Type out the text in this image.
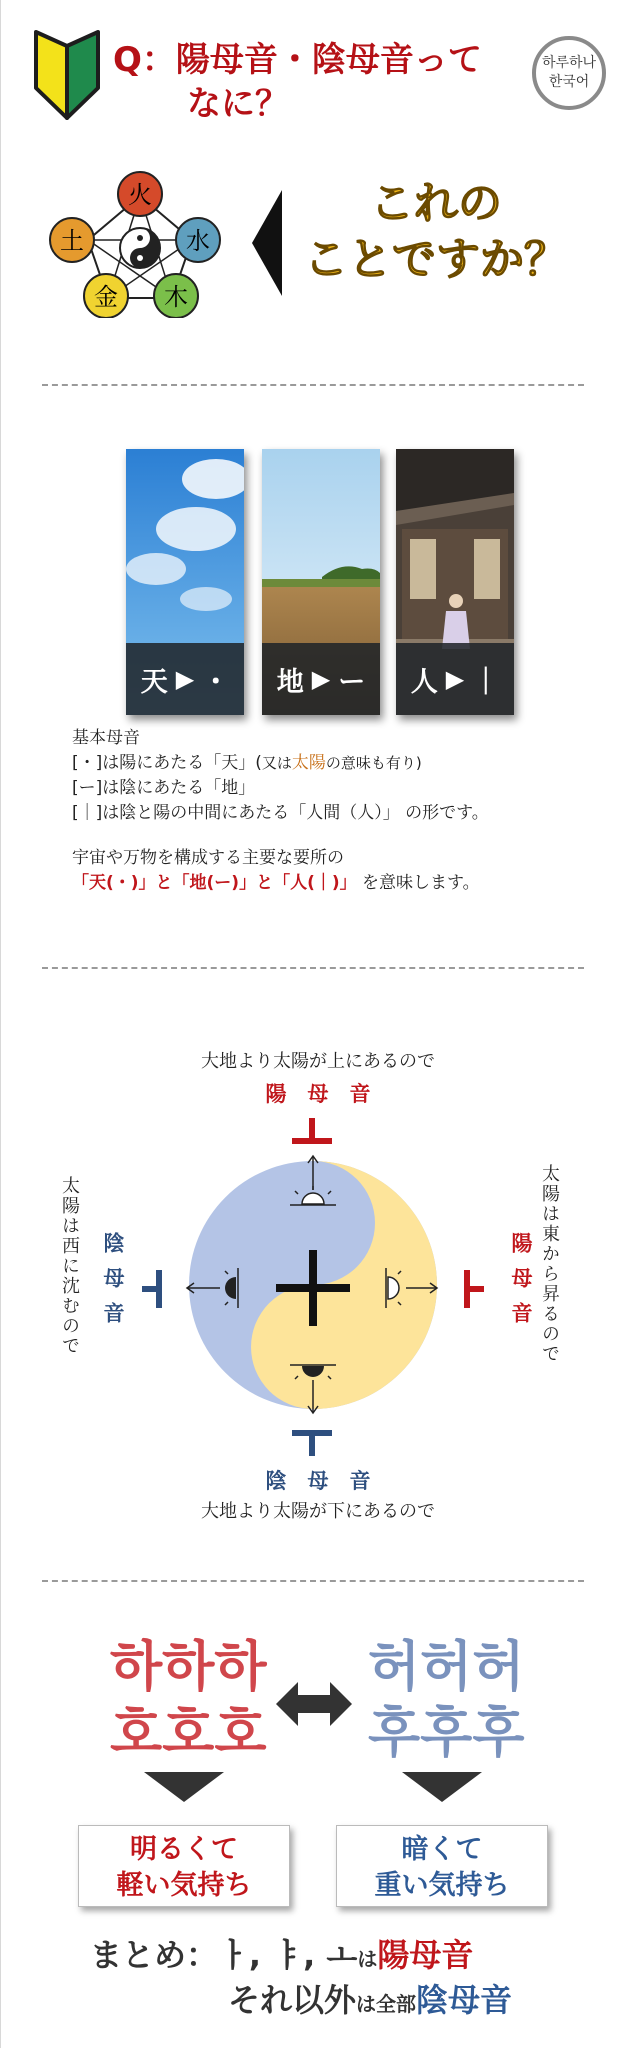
Q：陽母音・陰母音って
なに？
하루하나
한국어
火
水
木
金
土
これの
ことですか？
天 ▶ ・ 地 ▶ ー 人 ▶ ｜
基本母音
[・]は陽にあたる「天」(又は太陽の意味も有り)
[ー]は陰にあたる「地」
[｜]は陰と陽の中間にあたる「人間（人）」 の形です。
宇宙や万物を構成する主要な要所の
「天(・)」と「地(ー)」と「人(｜)」 を意味します。
大地より太陽が上にあるので
陽　母　音
陰　母　音
大地より太陽が下にあるので
太陽は西に沈むので 陰母音	太陽は東から昇るので
陽母音
하하하
호호호
허허허
후후후
明るくて
軽い気持ち
暗くて
重い気持ち
まとめ：ㅏ, ㅑ, ㅗは陽母音
それ以外は全部陰母音
